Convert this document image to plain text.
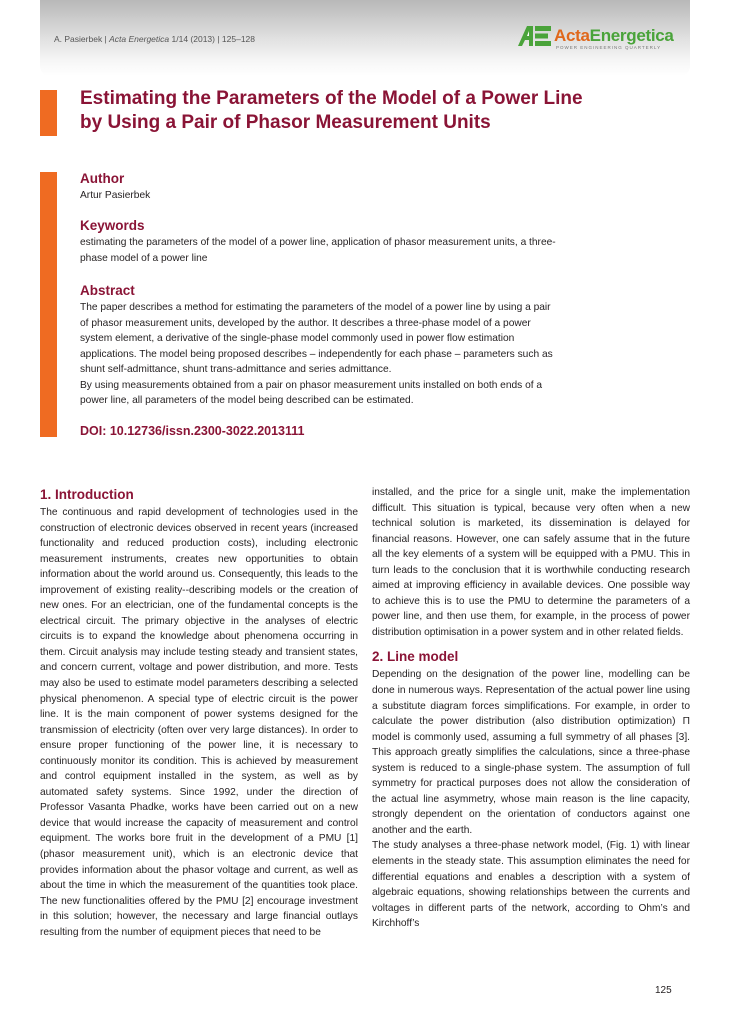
A. Pasierbek | Acta Energetica 1/14 (2013) | 125–128	ActaEnergetica
POWER ENGINEERING QUARTERLY
Estimating the Parameters of the Model of a Power Line
by Using a Pair of Phasor Measurement Units
Author
Artur Pasierbek
Keywords
estimating the parameters of the model of a power line, application of phasor measurement units, a three-phase model of a power line
Abstract
The paper describes a method for estimating the parameters of the model of a power line by using a pair of phasor measurement units, developed by the author. It describes a three-phase model of a power system element, a derivative of the single-phase model commonly used in power flow estimation applications. The model being proposed describes – independently for each phase – parameters such as shunt self-admittance, shunt trans-admittance and series admittance.
By using measurements obtained from a pair on phasor measurement units installed on both ends of a power line, all parameters of the model being described can be estimated.
DOI: 10.12736/issn.2300-3022.2013111
1. Introduction

The continuous and rapid development of technologies used in the construction of electronic devices observed in recent years (increased functionality and reduced production costs), including electronic measurement instruments, creates new opportunities to obtain information about the world around us. Consequently, this leads to the improvement of existing reality--describing models or the creation of new ones. For an electrician, one of the fundamental concepts is the electrical circuit. The primary objective in the analyses of electric circuits is to expand the knowledge about phenomena occurring in them. Circuit analysis may include testing steady and transient states, and concern current, voltage and power distribution, and more. Tests may also be used to estimate model parameters describing a selected physical phenomenon. A special type of electric circuit is the power line. It is the main component of power systems designed for the transmission of electricity (often over very large distances). In order to ensure proper functioning of the power line, it is necessary to continuously monitor its condition. This is achieved by measurement and control equipment installed in the system, as well as by automated safety systems. Since 1992, under the direction of Professor Vasanta Phadke, works have been carried out on a new device that would increase the capacity of measurement and control equipment. The works bore fruit in the development of a PMU [1] (phasor measurement unit), which is an electronic device that provides information about the phasor voltage and current, as well as about the time in which the measurement of the quantities took place. The new functionalities offered by the PMU [2] encourage investment in this solution; however, the necessary and large financial outlays resulting from the number of equipment pieces that need to be

installed, and the price for a single unit, make the implementation difficult. This situation is typical, because very often when a new technical solution is marketed, its dissemination is delayed for financial reasons. However, one can safely assume that in the future all the key elements of a system will be equipped with a PMU. This in turn leads to the conclusion that it is worthwhile conducting research aimed at improving efficiency in available devices. One possible way to achieve this is to use the PMU to determine the parameters of a power line, and then use them, for example, in the process of power distribution optimisation in a power system and in other related fields.

2. Line model

Depending on the designation of the power line, modelling can be done in numerous ways. Representation of the actual power line using a substitute diagram forces simplifications. For example, in order to calculate the power distribution (also distribution optimization) Π model is commonly used, assuming a full symmetry of all phases [3]. This approach greatly simplifies the calculations, since a three-phase system is reduced to a single-phase system. The assumption of full symmetry for practical purposes does not allow the consideration of the actual line asymmetry, whose main reason is the line capacity, strongly dependent on the orientation of conductors against one another and the earth.

The study analyses a three-phase network model, (Fig. 1) with linear elements in the steady state. This assumption eliminates the need for differential equations and enables a description with a system of algebraic equations, showing relationships between the currents and voltages in different parts of the network, according to Ohm’s and Kirchhoff’s

125
